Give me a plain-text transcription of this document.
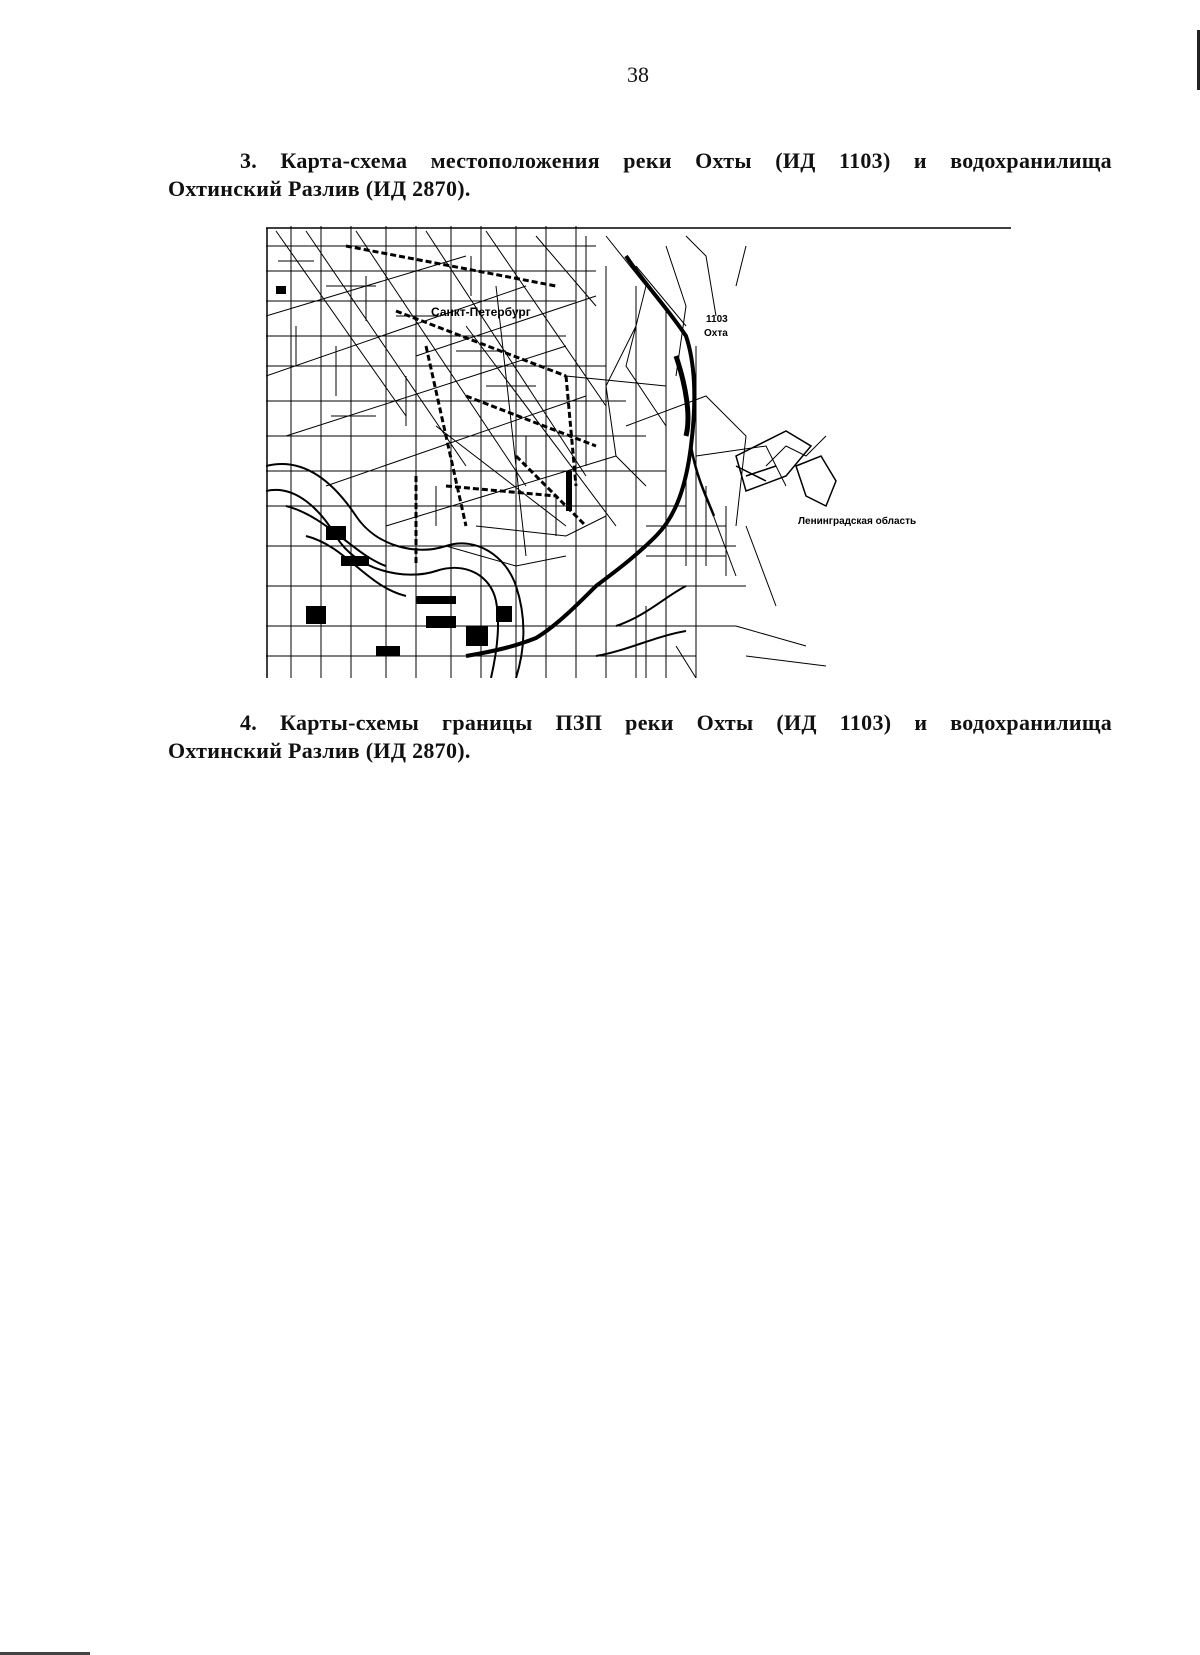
38
3. Карта-схема местоположения реки Охты (ИД 1103) и водохранилища
Охтинский Разлив (ИД 2870).
Санкт-Петербург
1103
Охта
Ленинградская область
4. Карты-схемы границы ПЗП реки Охты (ИД 1103) и водохранилища
Охтинский Разлив (ИД 2870).
